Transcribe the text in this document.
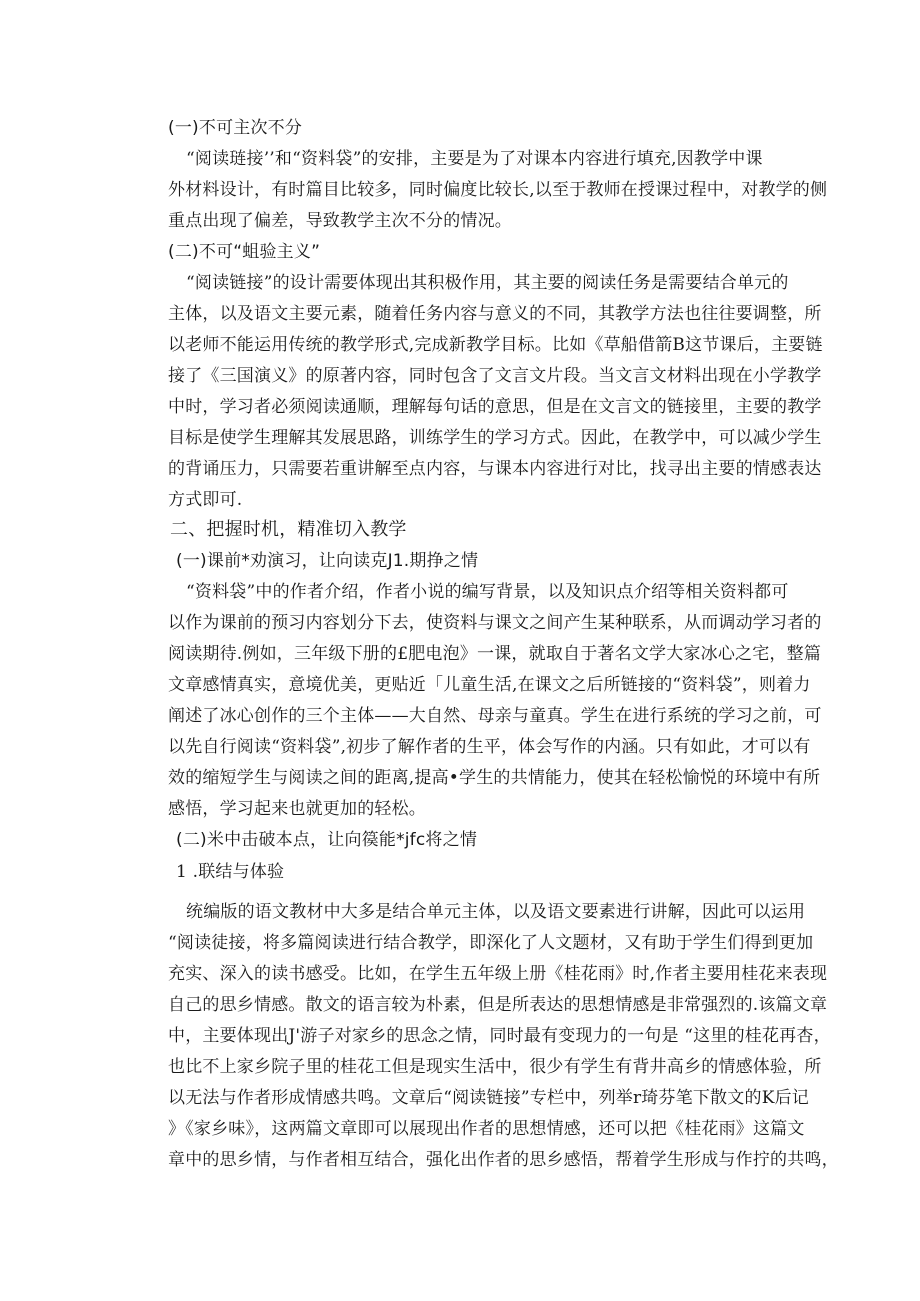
(一)不可主次不分
“阅读琏接’’和“资料袋”的安排，主要是为了对课本内容进行填充,因教学中课
外材料设计，有时篇目比较多，同时偏度比较长,以至于教师在授课过程中，对教学的侧
重点出现了偏差，导致教学主次不分的情况。
(二)不可“蛆验主义”
“阅读链接”的设计需要体现出其积极作用，其主要的阅读任务是需要结合单元的
主体，以及语文主要元素，随着任务内容与意义的不同，其教学方法也往往要调整，所
以老师不能运用传统的教学形式,完成新教学目标。比如《草船借箭B这节课后，主要链
接了《三国演义》的原著内容，同时包含了文言文片段。当文言文材料出现在小学教学
中时，学习者必须阅读通顺，理解每句话的意思，但是在文言文的链接里，主要的教学
目标是使学生理解其发展思路，训练学生的学习方式。因此，在教学中，可以减少学生
的背诵压力，只需要若重讲解至点内容，与课本内容进行对比，找寻出主要的情感表达
方式即可.
二、把握时机，精准切入教学
(一)课前*劝演习，让向读克J1.期挣之情
“资料袋”中的作者介绍，作者小说的编写背景，以及知识点介绍等相关资料都可
以作为课前的预习内容划分下去，使资料与课文之间产生某种联系，从而调动学习者的
阅读期待.例如，三年级下册的£肥电泡》一课，就取自于著名文学大家冰心之宅，整篇
文章感情真实，意境优美，更贴近「儿童生活,在课文之后所链接的“资料袋”，则着力
阐述了冰心创作的三个主体——大自然、母亲与童真。学生在进行系统的学习之前，可
以先自行阅读“资料袋”,初步了解作者的生平，体会写作的内涵。只有如此，才可以有
效的缩短学生与阅读之间的距离,提高•学生的共情能力，使其在轻松愉悦的环境中有所
感悟，学习起来也就更加的轻松。
(二)米中击破本点，让向篌能*jfc将之情
1 .联结与体验
统编版的语文教材中大多是结合单元主体，以及语文要素进行讲解，因此可以运用
“阅读徒接，将多篇阅读进行结合教学，即深化了人文题材，又有助于学生们得到更加
充实、深入的读书感受。比如，在学生五年级上册《桂花雨》时,作者主要用桂花来表现
自己的思乡情感。散文的语言较为朴素，但是所表达的思想情感是非常强烈的.该篇文章
中，主要体现出J'游子对家乡的思念之情，同时最有变现力的一句是 “这里的桂花再杏，
也比不上家乡院子里的桂花工但是现实生活中，很少有学生有背井高乡的情感体验，所
以无法与作者形成情感共鸣。文章后“阅读链接”专栏中，列举r琦芬笔下散文的K后记
》《家乡味》，这两篇文章即可以展现出作者的思想情感，还可以把《桂花雨》这篇文
章中的思乡情，与作者相互结合，强化出作者的思乡感悟，帮着学生形成与作拧的共鸣，
